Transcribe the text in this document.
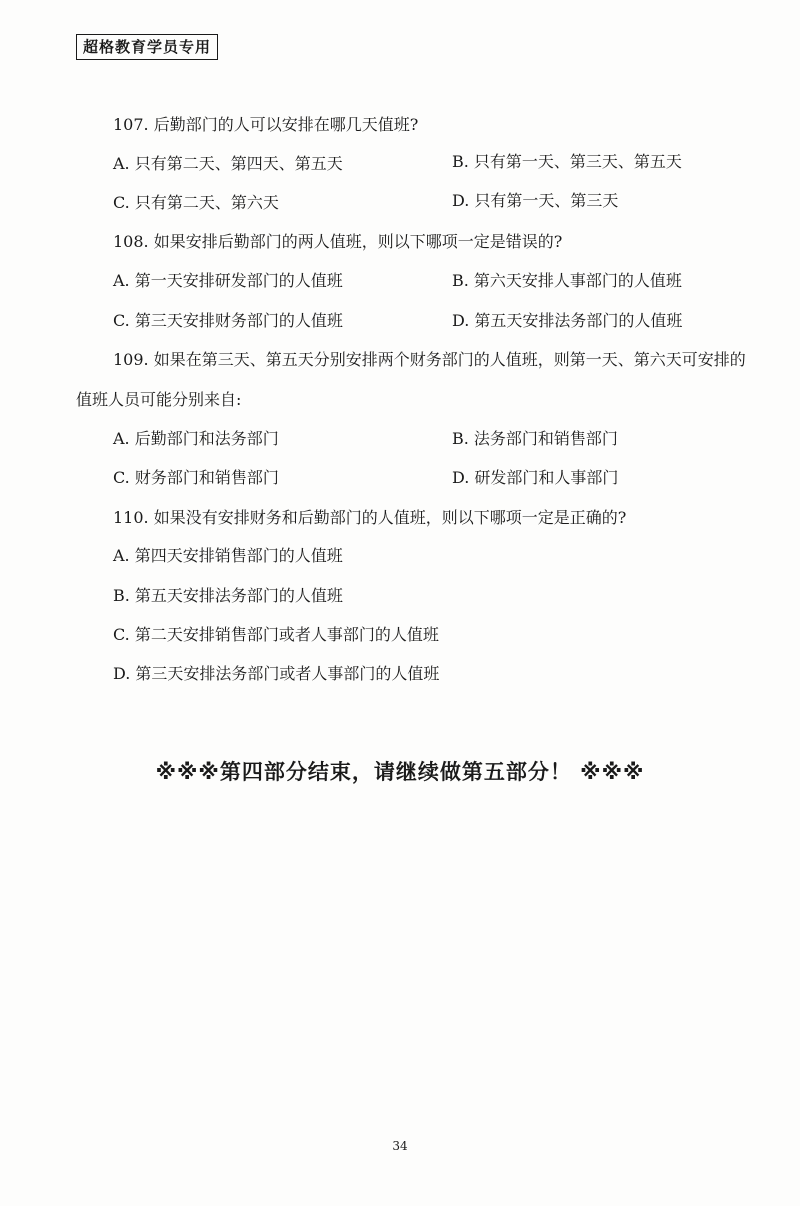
超格教育学员专用
107. 后勤部门的人可以安排在哪几天值班?
A. 只有第二天、第四天、第五天	B. 只有第一天、第三天、第五天
C. 只有第二天、第六天	D. 只有第一天、第三天
108. 如果安排后勤部门的两人值班，则以下哪项一定是错误的?
A. 第一天安排研发部门的人值班	B. 第六天安排人事部门的人值班
C. 第三天安排财务部门的人值班	D. 第五天安排法务部门的人值班
109. 如果在第三天、第五天分别安排两个财务部门的人值班，则第一天、第六天可安排的
值班人员可能分别来自:
A. 后勤部门和法务部门	B. 法务部门和销售部门
C. 财务部门和销售部门	D. 研发部门和人事部门
110. 如果没有安排财务和后勤部门的人值班，则以下哪项一定是正确的?
A. 第四天安排销售部门的人值班
B. 第五天安排法务部门的人值班
C. 第二天安排销售部门或者人事部门的人值班
D. 第三天安排法务部门或者人事部门的人值班
※※※第四部分结束，请继续做第五部分！ ※※※
34
